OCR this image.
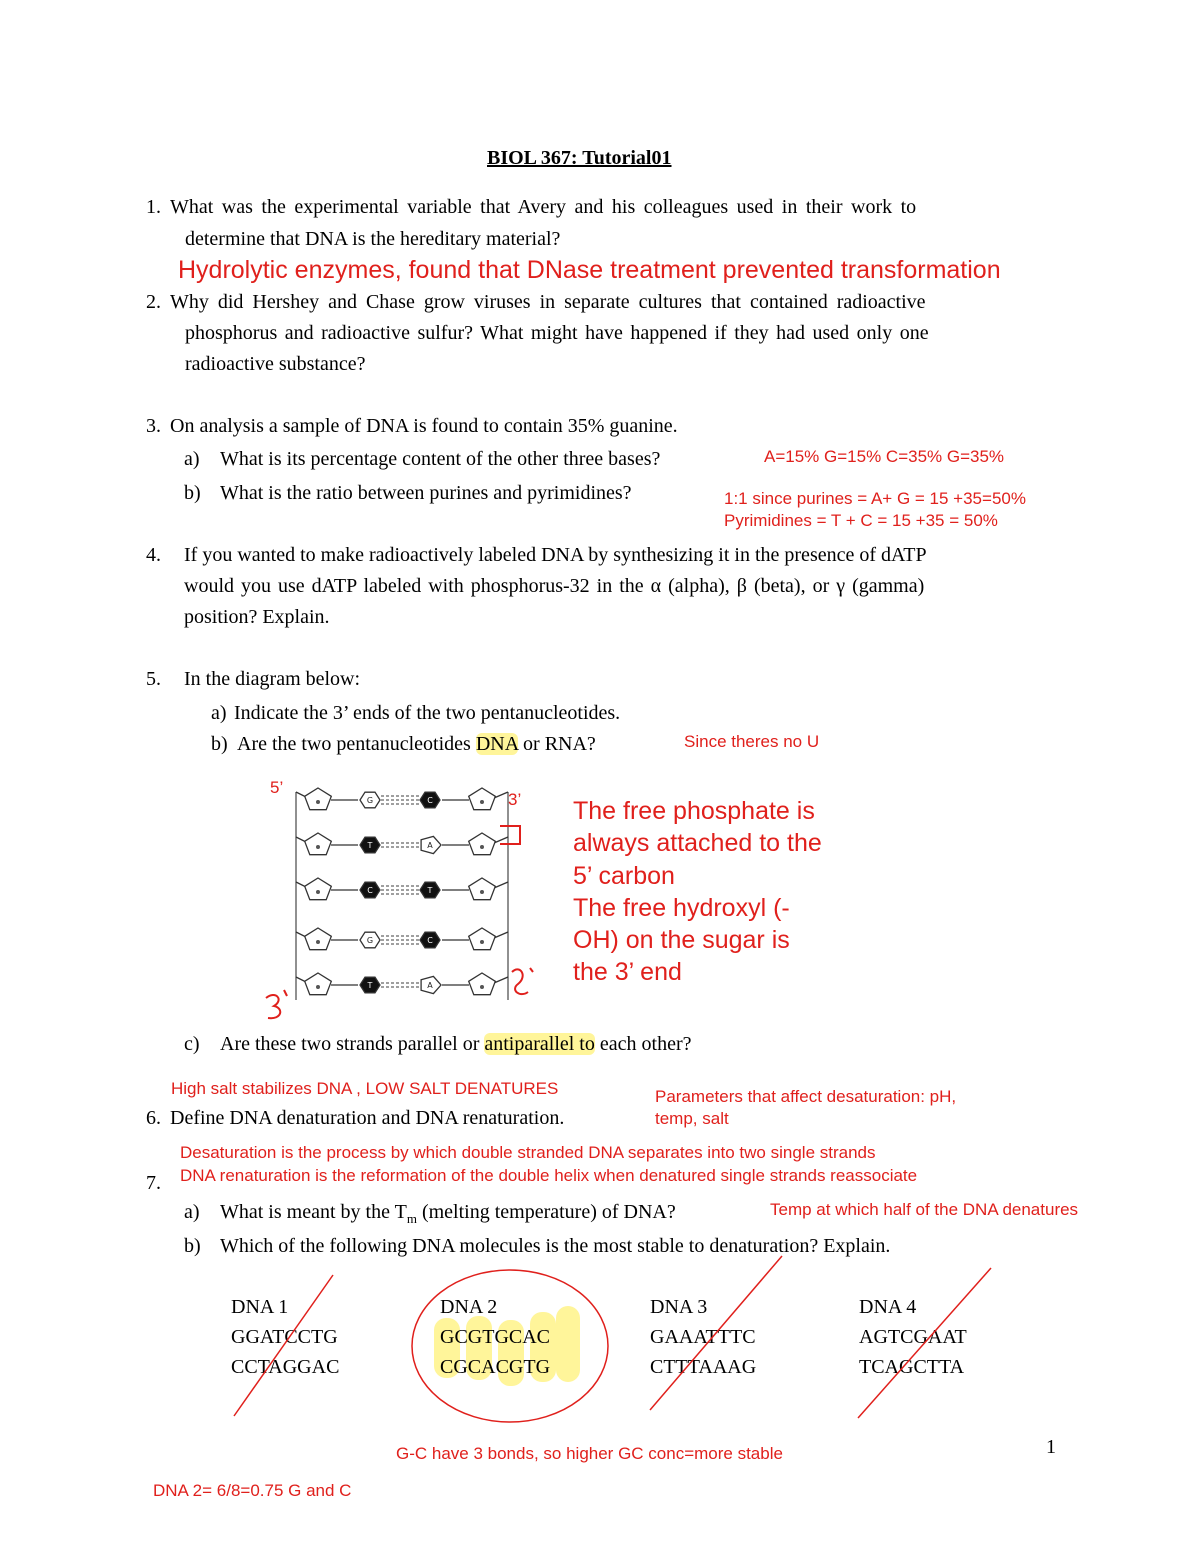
BIOL 367: Tutorial01
1. What was the experimental variable that Avery and his colleagues used in their work to
determine that DNA is the hereditary material?
Hydrolytic enzymes, found that DNase treatment prevented transformation
2. Why did Hershey and Chase grow viruses in separate cultures that contained radioactive
phosphorus and radioactive sulfur? What might have happened if they had used only one
radioactive substance?
3. On analysis a sample of DNA is found to contain 35% guanine.
a) What is its percentage content of the other three bases?	A=15% G=15% C=35% G=35%
b) What is the ratio between purines and pyrimidines?	1:1 since purines = A+ G = 15 +35=50%
Pyrimidines = T + C = 15 +35 = 50%
4. If you wanted to make radioactively labeled DNA by synthesizing it in the presence of dATP
would you use dATP labeled with phosphorus-32 in the α (alpha), β (beta), or γ (gamma)
position? Explain.
5. In the diagram below:
a) Indicate the 3’ ends of the two pentanucleotides.
b) Are the two pentanucleotides DNA or RNA?	Since theres no U
G	C
T	A
C	T
G	C
T	A
5’
3’ The free phosphate is
always attached to the
5’ carbon
The free hydroxyl (-
OH) on the sugar is
the 3’ end
c) Are these two strands parallel or antiparallel to each other?
High salt stabilizes DNA , LOW SALT DENATURES	Parameters that affect desaturation: pH,
temp, salt
6. Define DNA denaturation and DNA renaturation.
Desaturation is the process by which double stranded DNA separates into two single strands
DNA renaturation is the reformation of the double helix when denatured single strands reassociate
7.
a) What is meant by the $T_m$ (melting temperature) of DNA?	Temp at which half of the DNA denatures
b) Which of the following DNA molecules is the most stable to denaturation? Explain.
DNA 1
GGATCCTG
CCTAGGAC
DNA 2
GCGTGCAC
CGCACGTG
DNA 3
GAAATTTC
CTTTAAAG
DNA 4
AGTCGAAT
TCAGCTTA
G-C have 3 bonds, so higher GC conc=more stable	1
DNA 2= 6/8=0.75 G and C
